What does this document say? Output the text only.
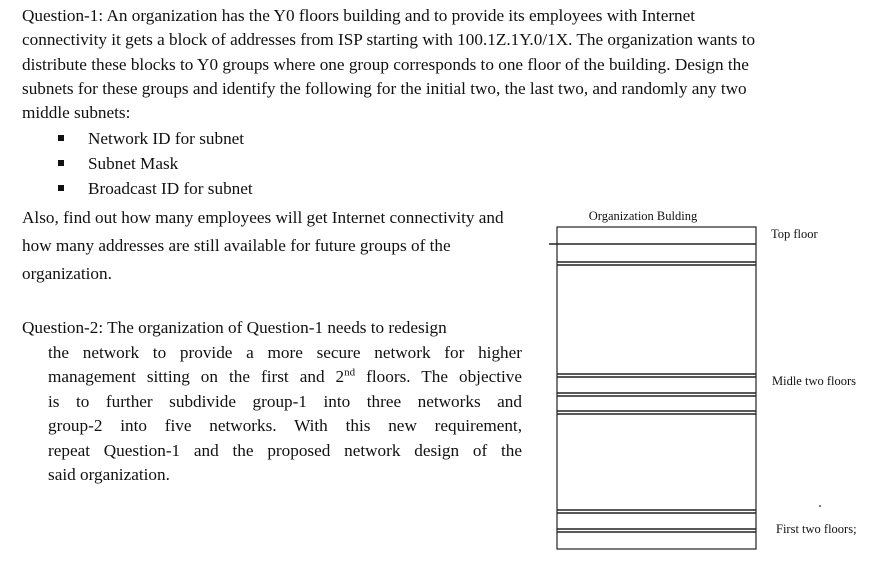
Question-1: An organization has the Y0 floors building and to provide its employees with Internet connectivity it gets a block of addresses from ISP starting with 100.1Z.1Y.0/1X. The organization wants to distribute these blocks to Y0 groups where one group corresponds to one floor of the building. Design the subnets for these groups and identify the following for the initial two, the last two, and randomly any two middle subnets:

Network ID for subnet
Subnet Mask
Broadcast ID for subnet

Also, find out how many employees will get Internet connectivity and how many addresses are still available for future groups of the organization.

Question-2: The organization of Question-1 needs to redesign
the network to provide a more secure network for higher
management sitting on the first and 2nd floors. The objective
is to further subdivide group-1 into three networks and
group-2 into five networks. With this new requirement,
repeat Question-1 and the proposed network design of the
said organization.
Organization Bulding
Top floor
Midle two floors
First two floors;
